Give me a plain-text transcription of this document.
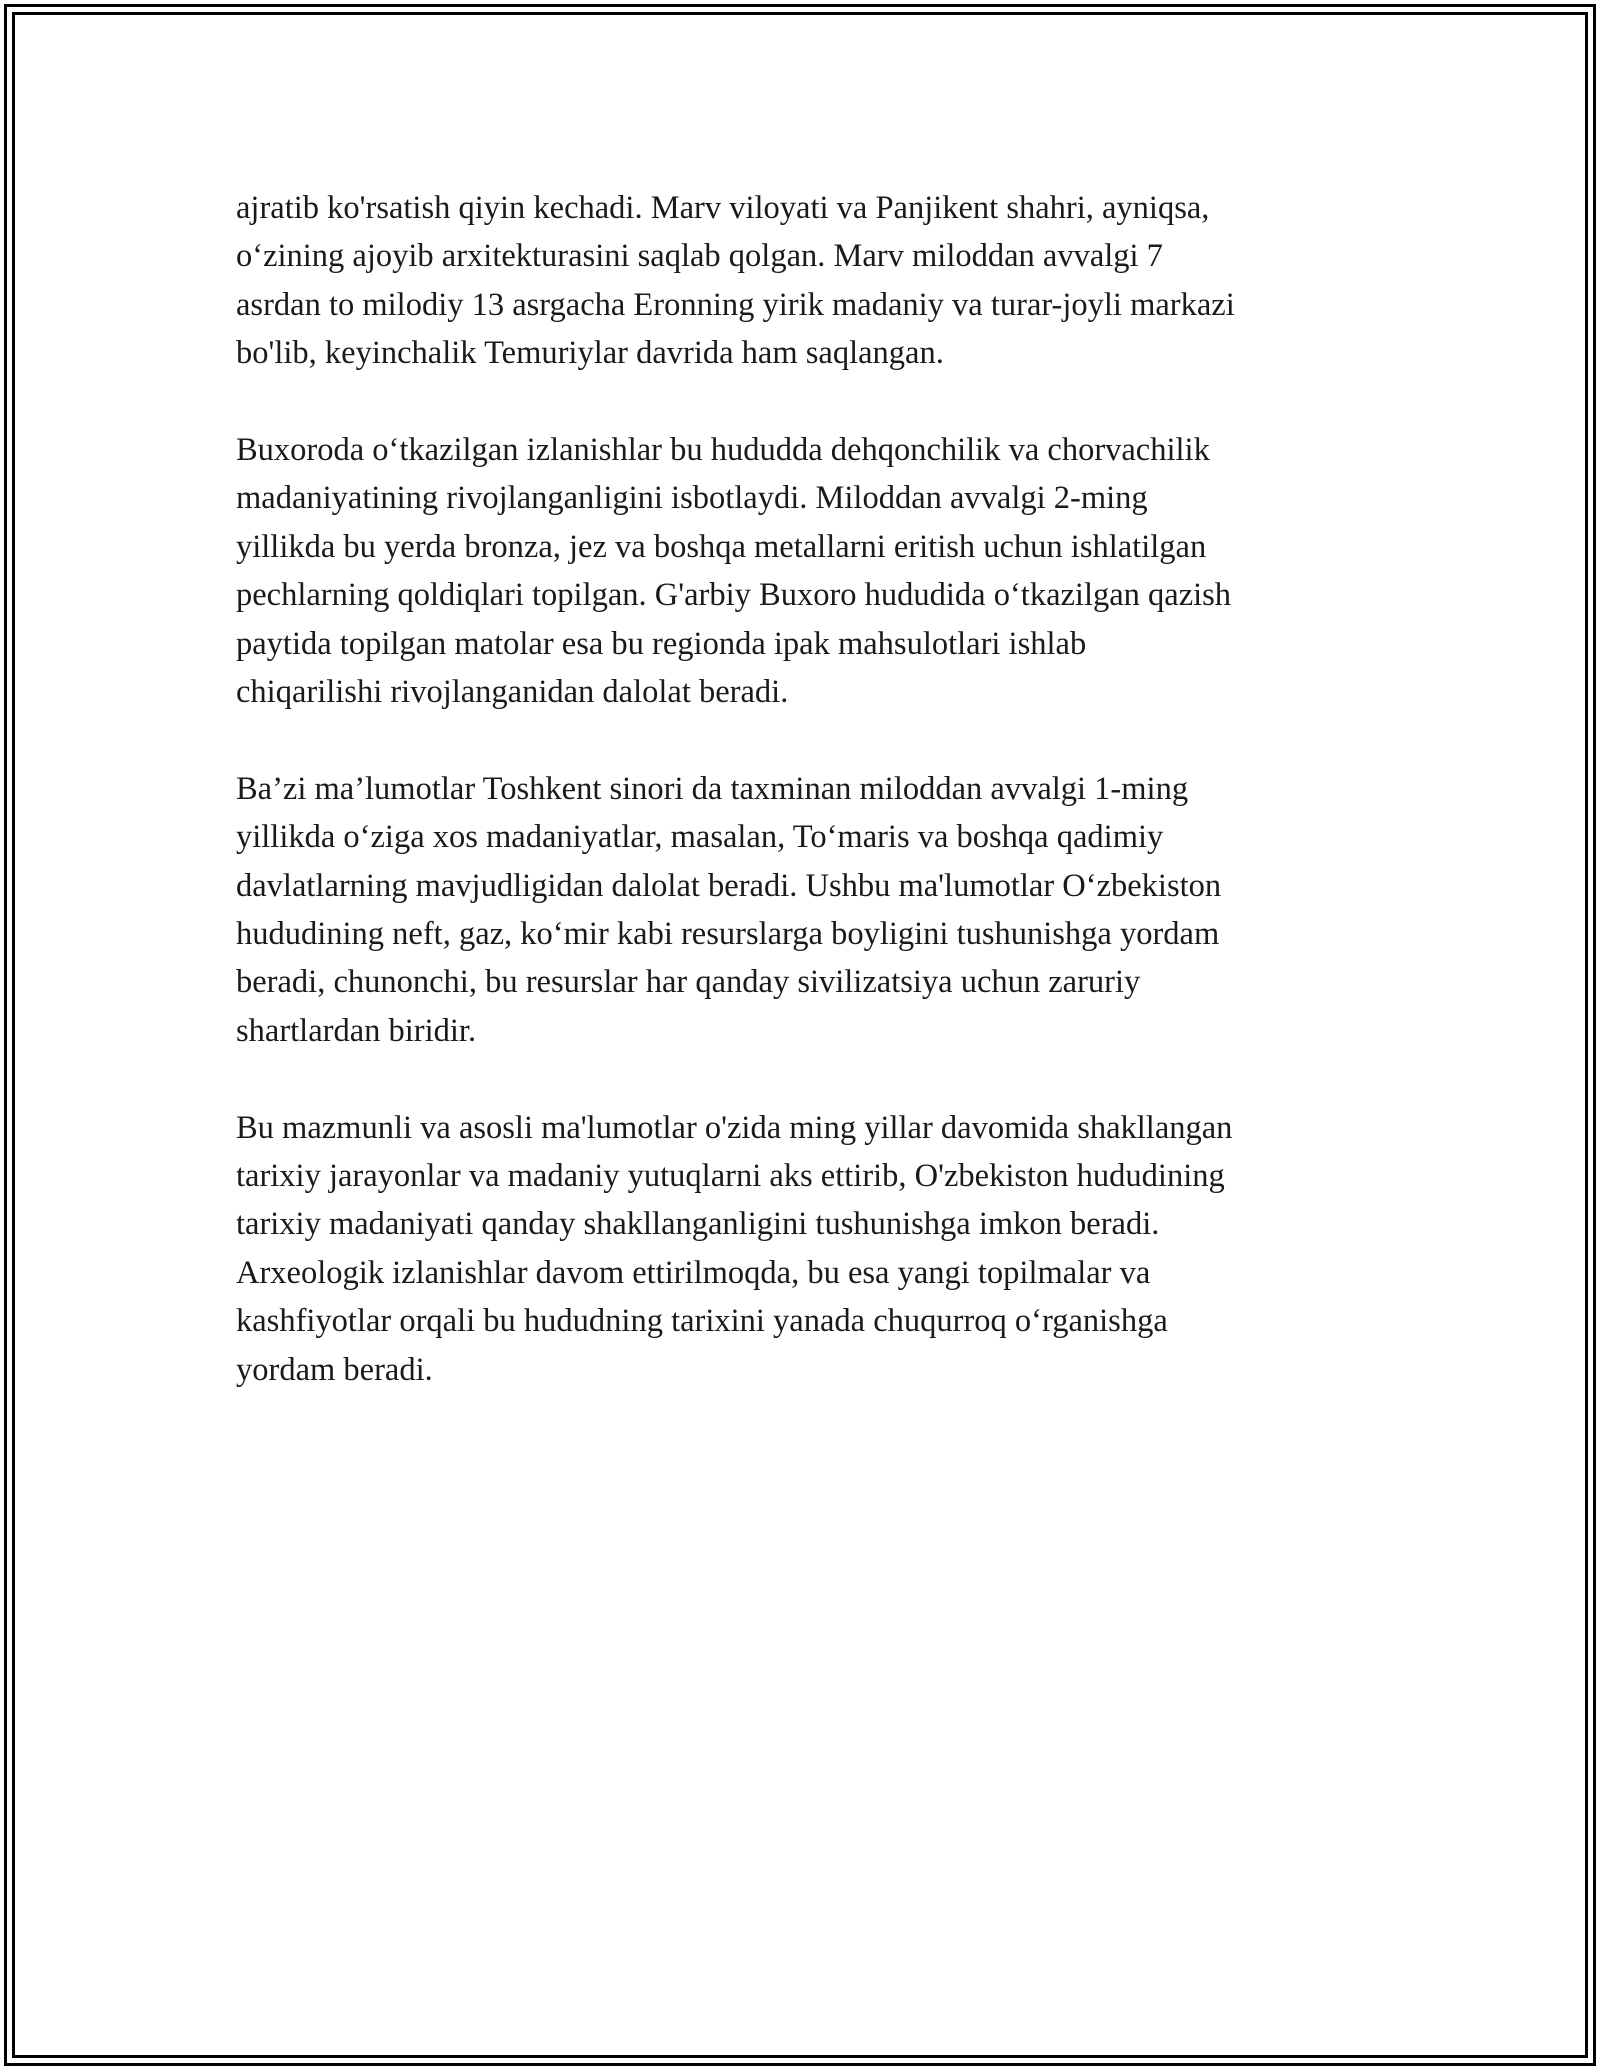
ajratib ko'rsatish qiyin kechadi. Marv viloyati va Panjikent shahri, ayniqsa,
o‘zining ajoyib arxitekturasini saqlab qolgan. Marv miloddan avvalgi 7
asrdan to milodiy 13 asrgacha Eronning yirik madaniy va turar-joyli markazi
bo'lib, keyinchalik Temuriylar davrida ham saqlangan.

Buxoroda o‘tkazilgan izlanishlar bu hududda dehqonchilik va chorvachilik
madaniyatining rivojlanganligini isbotlaydi. Miloddan avvalgi 2-ming
yillikda bu yerda bronza, jez va boshqa metallarni eritish uchun ishlatilgan
pechlarning qoldiqlari topilgan. G'arbiy Buxoro hududida o‘tkazilgan qazish
paytida topilgan matolar esa bu regionda ipak mahsulotlari ishlab
chiqarilishi rivojlanganidan dalolat beradi.

Ba’zi ma’lumotlar Toshkent sinori da taxminan miloddan avvalgi 1-ming
yillikda o‘ziga xos madaniyatlar, masalan, To‘maris va boshqa qadimiy
davlatlarning mavjudligidan dalolat beradi. Ushbu ma'lumotlar O‘zbekiston
hududining neft, gaz, ko‘mir kabi resurslarga boyligini tushunishga yordam
beradi, chunonchi, bu resurslar har qanday sivilizatsiya uchun zaruriy
shartlardan biridir.

Bu mazmunli va asosli ma'lumotlar o'zida ming yillar davomida shakllangan
tarixiy jarayonlar va madaniy yutuqlarni aks ettirib, O'zbekiston hududining
tarixiy madaniyati qanday shakllanganligini tushunishga imkon beradi.
Arxeologik izlanishlar davom ettirilmoqda, bu esa yangi topilmalar va
kashfiyotlar orqali bu hududning tarixini yanada chuqurroq o‘rganishga
yordam beradi.
